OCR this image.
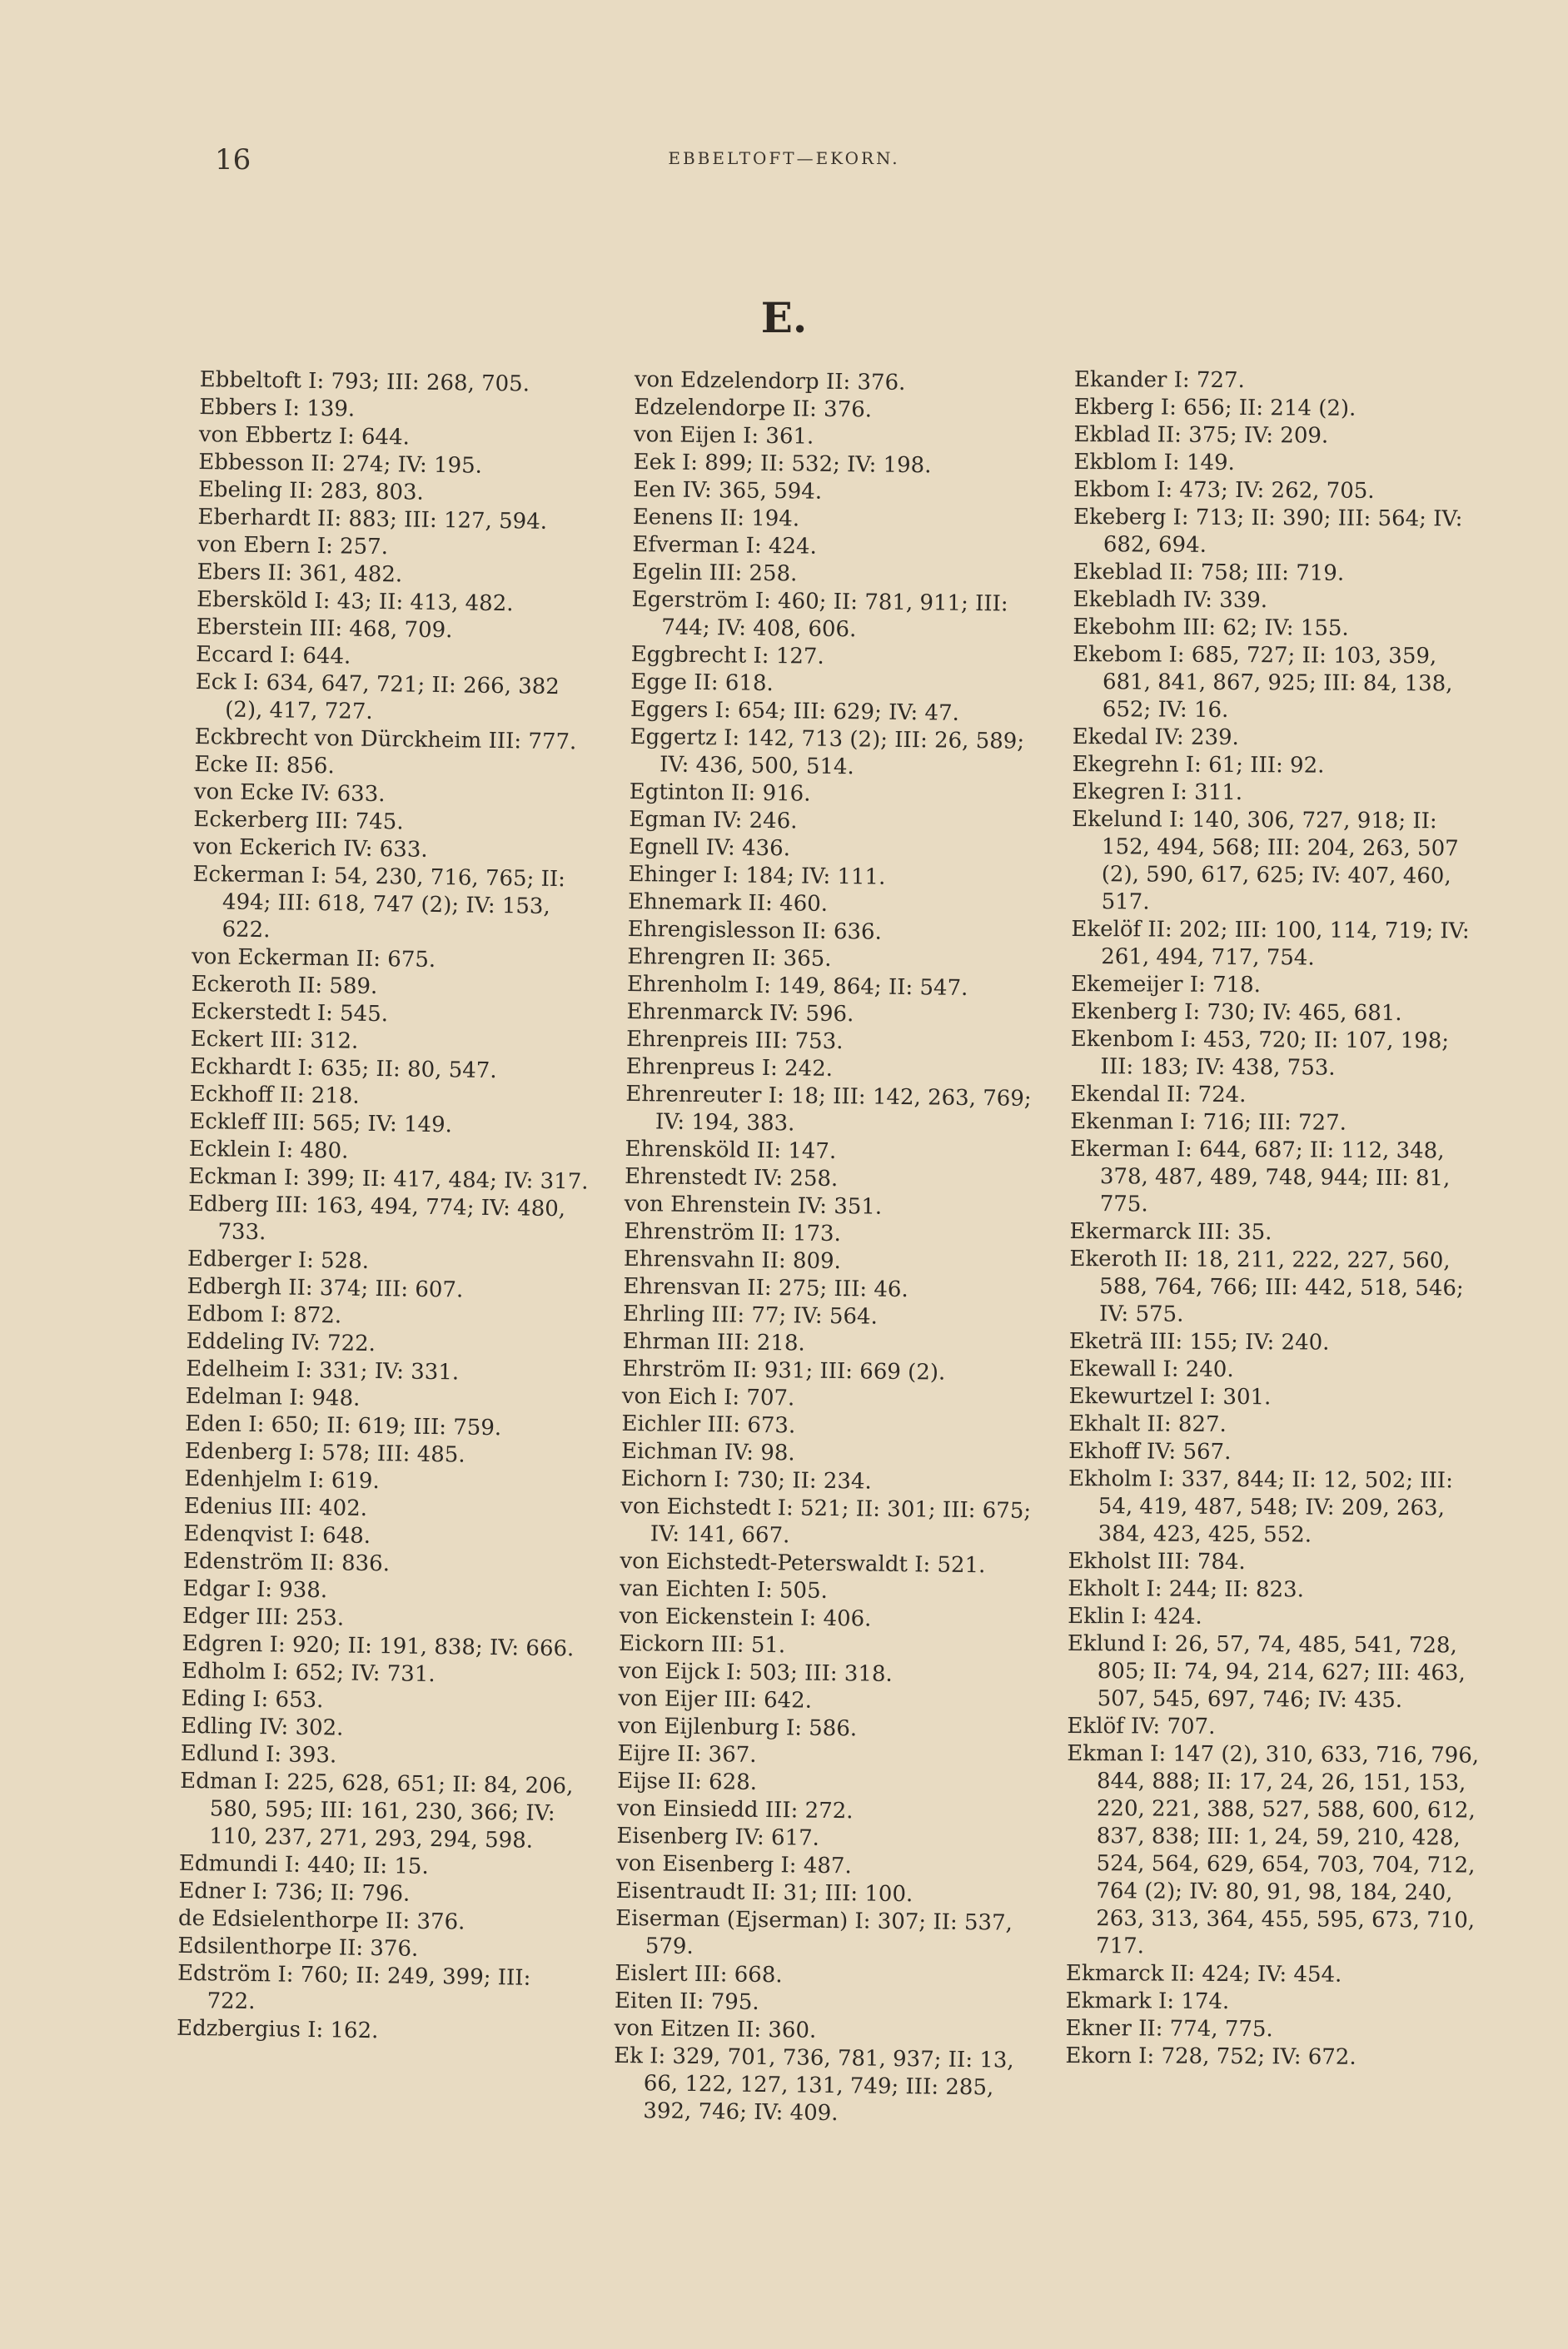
16	EBBELTOFT—EKORN.
E.
Ebbeltoft I: 793; III: 268, 705.
Ebbers I: 139.
von Ebbertz I: 644.
Ebbesson II: 274; IV: 195.
Ebeling II: 283, 803.
Eberhardt II: 883; III: 127, 594.
von Ebern I: 257.
Ebers II: 361, 482.
Ebersköld I: 43; II: 413, 482.
Eberstein III: 468, 709.
Eccard I: 644.
Eck I: 634, 647, 721; II: 266, 382 (2), 417, 727.
Eckbrecht von Dürckheim III: 777.
Ecke II: 856.
von Ecke IV: 633.
Eckerberg III: 745.
von Eckerich IV: 633.
Eckerman I: 54, 230, 716, 765; II: 494; III: 618, 747 (2); IV: 153, 622.
von Eckerman II: 675.
Eckeroth II: 589.
Eckerstedt I: 545.
Eckert III: 312.
Eckhardt I: 635; II: 80, 547.
Eckhoff II: 218.
Eckleff III: 565; IV: 149.
Ecklein I: 480.
Eckman I: 399; II: 417, 484; IV: 317.
Edberg III: 163, 494, 774; IV: 480, 733.
Edberger I: 528.
Edbergh II: 374; III: 607.
Edbom I: 872.
Eddeling IV: 722.
Edelheim I: 331; IV: 331.
Edelman I: 948.
Eden I: 650; II: 619; III: 759.
Edenberg I: 578; III: 485.
Edenhjelm I: 619.
Edenius III: 402.
Edenqvist I: 648.
Edenström II: 836.
Edgar I: 938.
Edger III: 253.
Edgren I: 920; II: 191, 838; IV: 666.
Edholm I: 652; IV: 731.
Eding I: 653.
Edling IV: 302.
Edlund I: 393.
Edman I: 225, 628, 651; II: 84, 206, 580, 595; III: 161, 230, 366; IV: 110, 237, 271, 293, 294, 598.
Edmundi I: 440; II: 15.
Edner I: 736; II: 796.
de Edsielenthorpe II: 376.
Edsilenthorpe II: 376.
Edström I: 760; II: 249, 399; III: 722.
Edzbergius I: 162.
von Edzelendorp II: 376.
Edzelendorpe II: 376.
von Eijen I: 361.
Eek I: 899; II: 532; IV: 198.
Een IV: 365, 594.
Eenens II: 194.
Efverman I: 424.
Egelin III: 258.
Egerström I: 460; II: 781, 911; III: 744; IV: 408, 606.
Eggbrecht I: 127.
Egge II: 618.
Eggers I: 654; III: 629; IV: 47.
Eggertz I: 142, 713 (2); III: 26, 589; IV: 436, 500, 514.
Egtinton II: 916.
Egman IV: 246.
Egnell IV: 436.
Ehinger I: 184; IV: 111.
Ehnemark II: 460.
Ehrengislesson II: 636.
Ehrengren II: 365.
Ehrenholm I: 149, 864; II: 547.
Ehrenmarck IV: 596.
Ehrenpreis III: 753.
Ehrenpreus I: 242.
Ehrenreuter I: 18; III: 142, 263, 769; IV: 194, 383.
Ehrensköld II: 147.
Ehrenstedt IV: 258.
von Ehrenstein IV: 351.
Ehrenström II: 173.
Ehrensvahn II: 809.
Ehrensvan II: 275; III: 46.
Ehrling III: 77; IV: 564.
Ehrman III: 218.
Ehrström II: 931; III: 669 (2).
von Eich I: 707.
Eichler III: 673.
Eichman IV: 98.
Eichorn I: 730; II: 234.
von Eichstedt I: 521; II: 301; III: 675; IV: 141, 667.
von Eichstedt-Peterswaldt I: 521.
van Eichten I: 505.
von Eickenstein I: 406.
Eickorn III: 51.
von Eijck I: 503; III: 318.
von Eijer III: 642.
von Eijlenburg I: 586.
Eijre II: 367.
Eijse II: 628.
von Einsiedd III: 272.
Eisenberg IV: 617.
von Eisenberg I: 487.
Eisentraudt II: 31; III: 100.
Eiserman (Ejserman) I: 307; II: 537, 579.
Eislert III: 668.
Eiten II: 795.
von Eitzen II: 360.
Ek I: 329, 701, 736, 781, 937; II: 13, 66, 122, 127, 131, 749; III: 285, 392, 746; IV: 409.
Ekander I: 727.
Ekberg I: 656; II: 214 (2).
Ekblad II: 375; IV: 209.
Ekblom I: 149.
Ekbom I: 473; IV: 262, 705.
Ekeberg I: 713; II: 390; III: 564; IV: 682, 694.
Ekeblad II: 758; III: 719.
Ekebladh IV: 339.
Ekebohm III: 62; IV: 155.
Ekebom I: 685, 727; II: 103, 359, 681, 841, 867, 925; III: 84, 138, 652; IV: 16.
Ekedal IV: 239.
Ekegrehn I: 61; III: 92.
Ekegren I: 311.
Ekelund I: 140, 306, 727, 918; II: 152, 494, 568; III: 204, 263, 507 (2), 590, 617, 625; IV: 407, 460, 517.
Ekelöf II: 202; III: 100, 114, 719; IV: 261, 494, 717, 754.
Ekemeijer I: 718.
Ekenberg I: 730; IV: 465, 681.
Ekenbom I: 453, 720; II: 107, 198; III: 183; IV: 438, 753.
Ekendal II: 724.
Ekenman I: 716; III: 727.
Ekerman I: 644, 687; II: 112, 348, 378, 487, 489, 748, 944; III: 81, 775.
Ekermarck III: 35.
Ekeroth II: 18, 211, 222, 227, 560, 588, 764, 766; III: 442, 518, 546; IV: 575.
Eketrä III: 155; IV: 240.
Ekewall I: 240.
Ekewurtzel I: 301.
Ekhalt II: 827.
Ekhoff IV: 567.
Ekholm I: 337, 844; II: 12, 502; III: 54, 419, 487, 548; IV: 209, 263, 384, 423, 425, 552.
Ekholst III: 784.
Ekholt I: 244; II: 823.
Eklin I: 424.
Eklund I: 26, 57, 74, 485, 541, 728, 805; II: 74, 94, 214, 627; III: 463, 507, 545, 697, 746; IV: 435.
Eklöf IV: 707.
Ekman I: 147 (2), 310, 633, 716, 796, 844, 888; II: 17, 24, 26, 151, 153, 220, 221, 388, 527, 588, 600, 612, 837, 838; III: 1, 24, 59, 210, 428, 524, 564, 629, 654, 703, 704, 712, 764 (2); IV: 80, 91, 98, 184, 240, 263, 313, 364, 455, 595, 673, 710, 717.
Ekmarck II: 424; IV: 454.
Ekmark I: 174.
Ekner II: 774, 775.
Ekorn I: 728, 752; IV: 672.
